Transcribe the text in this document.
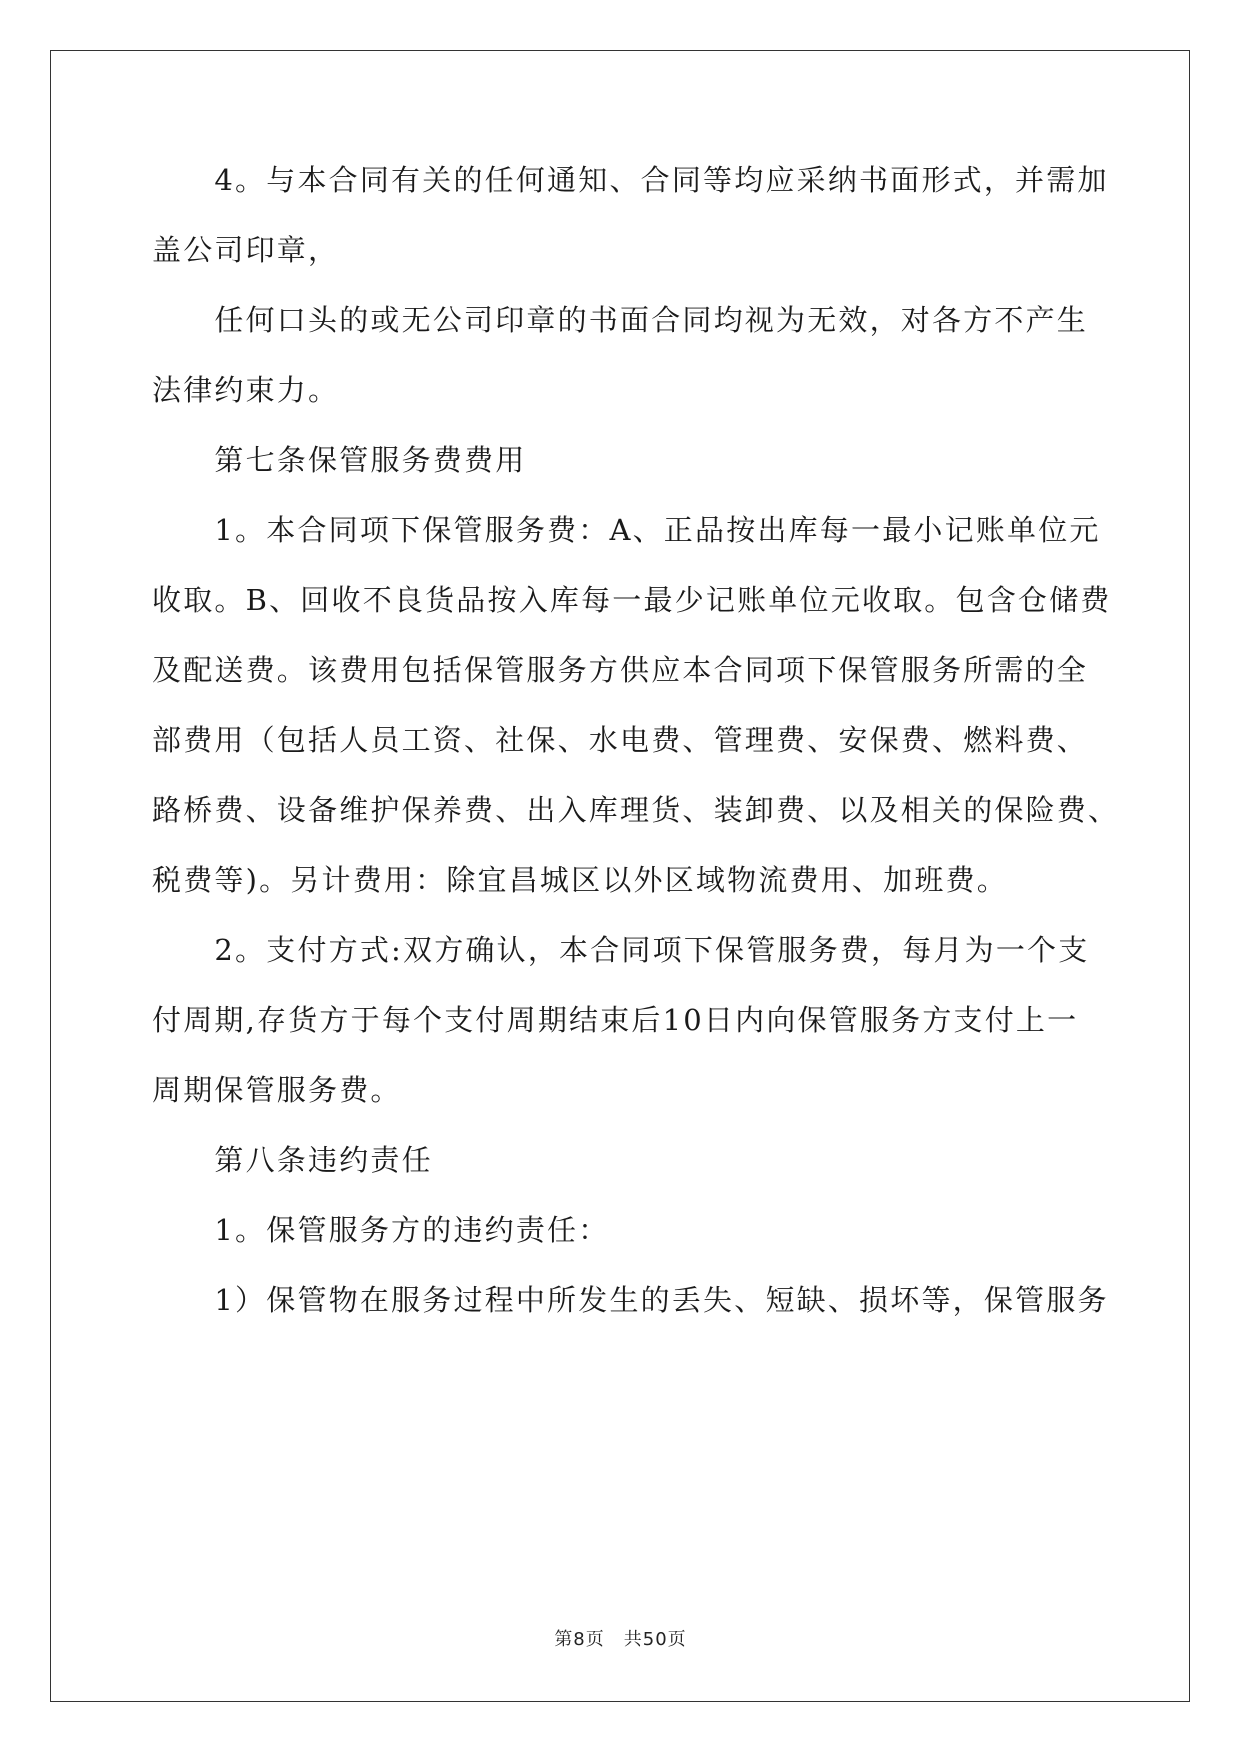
　　4。与本合同有关的任何通知、合同等均应采纳书面形式，并需加

盖公司印章，

　　任何口头的或无公司印章的书面合同均视为无效，对各方不产生

法律约束力。

　　第七条保管服务费费用

　　1。本合同项下保管服务费：A、正品按出库每一最小记账单位元

收取。B、回收不良货品按入库每一最少记账单位元收取。包含仓储费

及配送费。该费用包括保管服务方供应本合同项下保管服务所需的全

部费用（包括人员工资、社保、水电费、管理费、安保费、燃料费、

路桥费、设备维护保养费、出入库理货、装卸费、以及相关的保险费、

税费等)。另计费用：除宜昌城区以外区域物流费用、加班费。

　　2。支付方式:双方确认，本合同项下保管服务费，每月为一个支

付周期,存货方于每个支付周期结束后10日内向保管服务方支付上一

周期保管服务费。

　　第八条违约责任

　　1。保管服务方的违约责任：

　　1）保管物在服务过程中所发生的丢失、短缺、损坏等，保管服务

第8页　共50页
